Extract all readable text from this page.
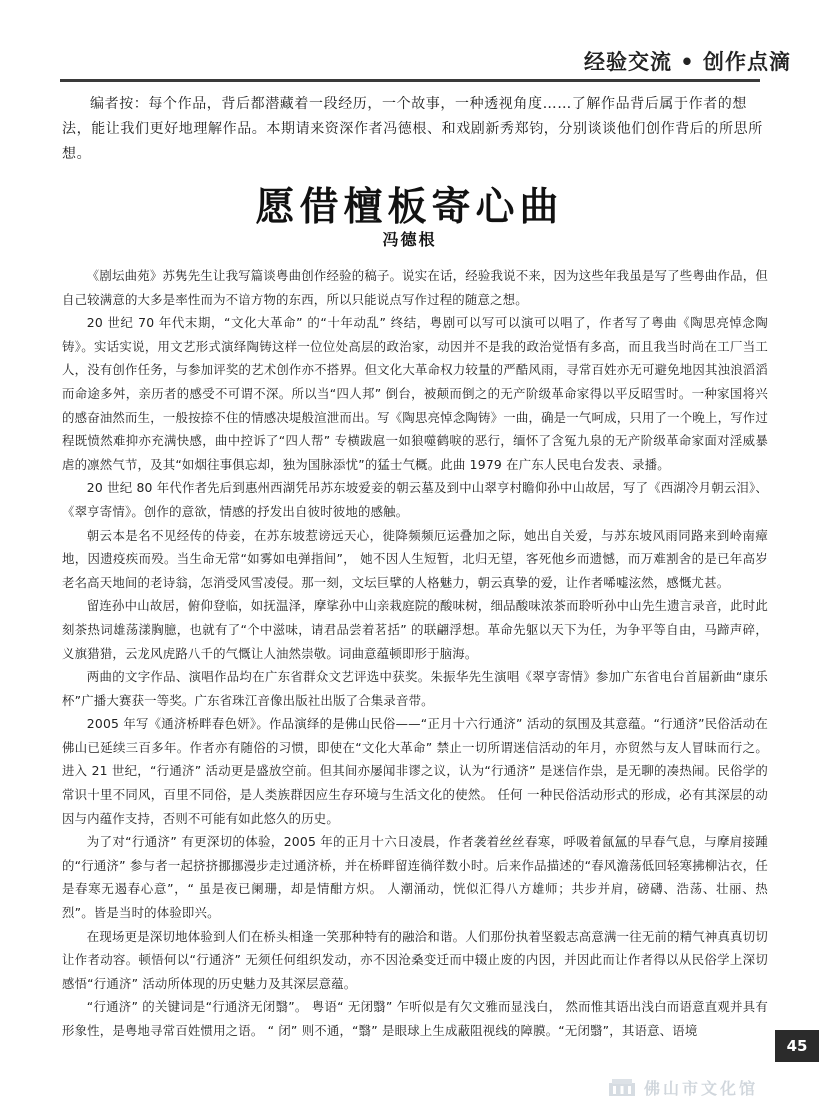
经验交流 • 创作点滴
编者按：每个作品，背后都潜藏着一段经历，一个故事，一种透视角度……了解作品背后属于作者的想法，能让我们更好地理解作品。本期请来资深作者冯德根、和戏剧新秀郑钧，分别谈谈他们创作背后的所思所想。
愿借檀板寄心曲
冯德根

《剧坛曲苑》苏隽先生让我写篇谈粤曲创作经验的稿子。说实在话，经验我说不来，因为这些年我虽是写了些粤曲作品，但自己较满意的大多是率性而为不谙方物的东西，所以只能说点写作过程的随意之想。

20 世纪 70 年代末期，“文化大革命” 的“十年动乱” 终结，粤剧可以写可以演可以唱了，作者写了粤曲《陶思亮悼念陶铸》。实话实说，用文艺形式演绎陶铸这样一位位处高层的政治家，动因并不是我的政治觉悟有多高，而且我当时尚在工厂当工人，没有创作任务，与参加评奖的艺术创作亦不搭界。但文化大革命权力较量的严酷风雨，寻常百姓亦无可避免地因其浊浪滔滔而命途多舛，亲历者的感受不可谓不深。所以当“四人邦” 倒台，被颠而倒之的无产阶级革命家得以平反昭雪时。一种家国将兴的感奋油然而生，一般按捺不住的情感决堤般渲泄而出。写《陶思亮悼念陶铸》一曲，确是一气呵成，只用了一个晚上，写作过程既愤然难抑亦充满快感，曲中控诉了“四人帮” 专横跋扈一如狼噬鹤唳的恶行，缅怀了含冤九泉的无产阶级革命家面对淫威暴虐的凛然气节，及其“如烟往事俱忘却，独为国脉添忧”的猛士气概。此曲 1979 在广东人民电台发表、录播。

20 世纪 80 年代作者先后到惠州西湖凭吊苏东坡爱妾的朝云墓及到中山翠亨村瞻仰孙中山故居，写了《西湖冷月朝云泪》、《翠亨寄情》。创作的意欲，情感的抒发出自彼时彼地的感触。

朝云本是名不见经传的侍妾，在苏东坡惹谤远天心，徙降频频厄运叠加之际，她出自关爱，与苏东坡风雨同路来到岭南瘴地，因遗疫疾而殁。当生命无常“如雾如电弹指间”， 她不因人生短暂，北归无望，客死他乡而遗憾，而万难割舍的是已年高岁老名高天地间的老诗翁，怎消受风雪凌侵。那一刻，文坛巨擘的人格魅力，朝云真挚的爱，让作者唏嘘泫然，感慨尤甚。

留连孙中山故居，俯仰登临，如抚温泽，摩挲孙中山亲栽庭院的酸味树，细品酸味浓茶而聆听孙中山先生遗言录音，此时此刻茶热词雄荡漾胸臆，也就有了“个中滋味，请君品尝着茗括” 的联翩浮想。革命先躯以天下为任，为争平等自由，马蹄声碎，义旗猎猎，云龙风虎路八千的气慨让人油然崇敬。词曲意蕴顿即形于脑海。

两曲的文字作品、演唱作品均在广东省群众文艺评选中获奖。朱振华先生演唱《翠亨寄情》参加广东省电台首届新曲“康乐杯”广播大赛获一等奖。广东省珠江音像出版社出版了合集录音带。

2005 年写《通济桥畔春色妍》。作品演绎的是佛山民俗——“正月十六行通济” 活动的氛围及其意蕴。“行通济”民俗活动在佛山已延续三百多年。作者亦有随俗的习惯，即使在“文化大革命” 禁止一切所谓迷信活动的年月，亦贸然与友人冒昧而行之。进入 21 世纪，“行通济” 活动更是盛放空前。但其间亦屡闻非谬之议，认为“行通济” 是迷信作祟，是无聊的凑热闹。民俗学的常识十里不同风，百里不同俗，是人类族群因应生存环境与生活文化的使然。 任何 一种民俗活动形式的形成，必有其深层的动因与内蕴作支持，否则不可能有如此悠久的历史。

为了对“行通济” 有更深切的体验，2005 年的正月十六日凌晨，作者袭着丝丝春寒，呼吸着氤氲的早春气息，与摩肩接踵的“行通济” 参与者一起挤挤挪挪漫步走过通济桥，并在桥畔留连徜徉数小时。后来作品描述的“春风澹荡低回轻寒拂柳沾衣，任是春寒无遏春心意”，“ 虽是夜已阑珊，却是情酣方炽。 人潮涌动，恍似汇得八方雄师；共步并肩，磅礴、浩荡、壮丽、热烈”。皆是当时的体验即兴。

在现场更是深切地体验到人们在桥头相逢一笑那种特有的融洽和谐。人们那份执着坚毅志高意满一往无前的精气神真真切切让作者动容。顿悟何以“行通济” 无须任何组织发动，亦不因沧桑变迁而中辍止废的内因，并因此而让作者得以从民俗学上深切感悟“行通济” 活动所体现的历史魅力及其深层意蕴。

“行通济” 的关键词是“行通济无闭翳”。 粤语“ 无闭翳” 乍听似是有欠文雅而显浅白， 然而惟其语出浅白而语意直观并具有形象性，是粤地寻常百姓惯用之语。 “ 闭” 则不通，“翳” 是眼球上生成蔽阻视线的障膜。“无闭翳”，其语意、语境

45
佛山市文化馆
